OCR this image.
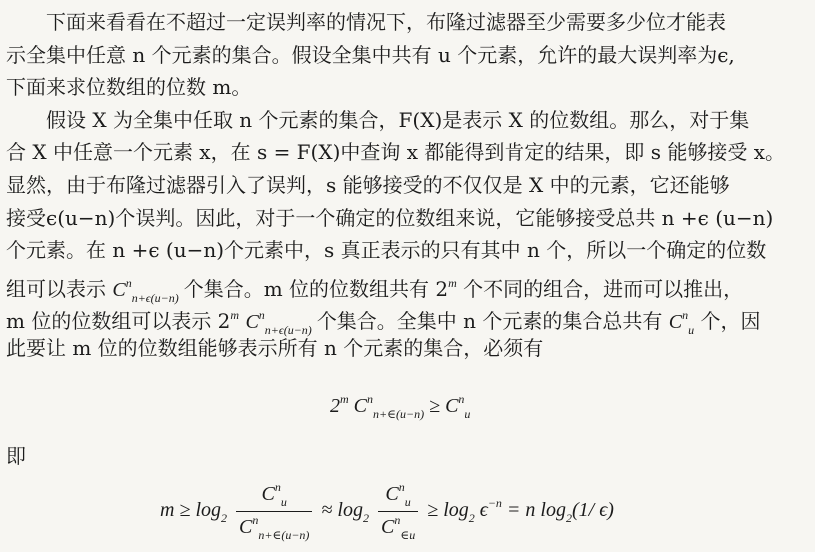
下面来看看在不超过一定误判率的情况下，布隆过滤器至少需要多少位才能表
示全集中任意 n 个元素的集合。假设全集中共有 u 个元素，允许的最大误判率为ϵ,
下面来求位数组的位数 m。

假设 X 为全集中任取 n 个元素的集合，F(X)是表示 X 的位数组。那么，对于集
合 X 中任意一个元素 x，在 s = F(X)中查询 x 都能得到肯定的结果，即 s 能够接受 x。
显然，由于布隆过滤器引入了误判，s 能够接受的不仅仅是 X 中的元素，它还能够
接受ϵ(u−n)个误判。因此，对于一个确定的位数组来说，它能够接受总共 n +ϵ (u−n)
个元素。在 n +ϵ (u−n)个元素中，s 真正表示的只有其中 n 个，所以一个确定的位数
组可以表示 $C^n_{n+\epsilon(u-n)}$ 个集合。m 位的位数组共有 2$^m$ 个不同的组合，进而可以推出，
m 位的位数组可以表示 2$^m$ $C^n_{n+\epsilon(u-n)}$ 个集合。全集中 n 个元素的集合总共有 $C^n_u$ 个，因
此要让 m 位的位数组能够表示所有 n 个元素的集合，必须有

2$^m$ $C^n_{n+\in(u-n)} \ge C^n_u$
即
$m \ge \log_2 \frac{C^n_u}{C^n_{n+\in(u-n)}} \approx \log_2 \frac{C^n_u}{C^n_{\in u}} \ge \log_2 \epsilon^{-n} = n$ $\log_2(1/$ ϵ)
